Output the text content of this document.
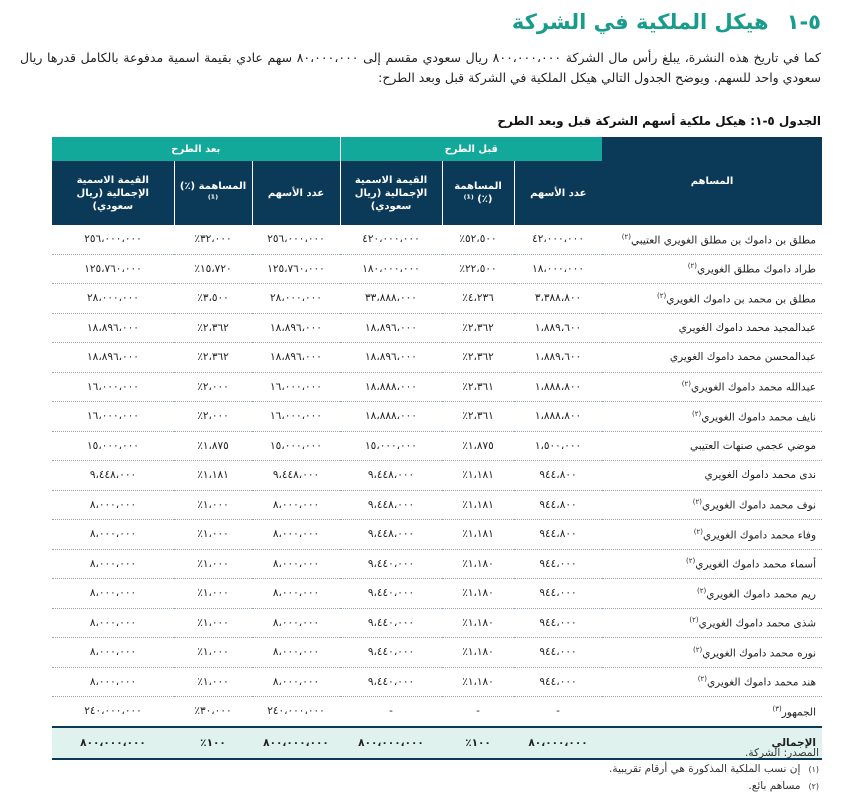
٥-١
هيكل الملكية في الشركة
كما في تاريخ هذه النشرة، يبلغ رأس مال الشركة ٨٠٠،٠٠٠،٠٠٠ ريال سعودي مقسم إلى ٨٠،٠٠٠،٠٠٠ سهم عادي بقيمة اسمية مدفوعة بالكامل قدرها ريال سعودي واحد للسهم. ويوضح الجدول التالي هيكل الملكية في الشركة قبل وبعد الطرح:
الجدول ٥-١: هيكل ملكية أسهم الشركة قبل وبعد الطرح
المساهم	قبل الطرح			بعد الطرح		
	عدد الأسهم	المساهمة (٪) ⁽¹⁾	القيمة الاسمية الإجمالية (ريال سعودي)	عدد الأسهم	المساهمة (٪) ⁽¹⁾	القيمة الاسمية الإجمالية (ريال سعودي)
مطلق بن داموك بن مطلق الغويري العتيبي$^{(٢)}$	٤٢،٠٠٠،٠٠٠	٥٢،٥٠٠٪	٤٢٠،٠٠٠،٠٠٠	٢٥٦،٠٠٠،٠٠٠	٣٢،٠٠٠٪	٢٥٦،٠٠٠،٠٠٠
طراد داموك مطلق الغويري$^{(٢)}$	١٨،٠٠٠،٠٠٠	٢٢،٥٠٠٪	١٨٠،٠٠٠،٠٠٠	١٢٥،٧٦٠،٠٠٠	١٥،٧٢٠٪	١٢٥،٧٦٠،٠٠٠
مطلق بن محمد بن داموك الغويري$^{(٢)}$	٣،٣٨٨،٨٠٠	٤،٢٣٦٪	٣٣،٨٨٨،٠٠٠	٢٨،٠٠٠،٠٠٠	٣،٥٠٠٪	٢٨،٠٠٠،٠٠٠
عبدالمجيد محمد داموك الغويري	١،٨٨٩،٦٠٠	٢،٣٦٢٪	١٨،٨٩٦،٠٠٠	١٨،٨٩٦،٠٠٠	٢،٣٦٢٪	١٨،٨٩٦،٠٠٠
عبدالمحسن محمد داموك الغويري	١،٨٨٩،٦٠٠	٢،٣٦٢٪	١٨،٨٩٦،٠٠٠	١٨،٨٩٦،٠٠٠	٢،٣٦٢٪	١٨،٨٩٦،٠٠٠
عبدالله محمد داموك الغويري$^{(٢)}$	١،٨٨٨،٨٠٠	٢،٣٦١٪	١٨،٨٨٨،٠٠٠	١٦،٠٠٠،٠٠٠	٢،٠٠٠٪	١٦،٠٠٠،٠٠٠
نايف محمد داموك الغويري$^{(٢)}$	١،٨٨٨،٨٠٠	٢،٣٦١٪	١٨،٨٨٨،٠٠٠	١٦،٠٠٠،٠٠٠	٢،٠٠٠٪	١٦،٠٠٠،٠٠٠
موضي عجمي صنهات العتيبي	١،٥٠٠،٠٠٠	١،٨٧٥٪	١٥،٠٠٠،٠٠٠	١٥،٠٠٠،٠٠٠	١،٨٧٥٪	١٥،٠٠٠،٠٠٠
ندى محمد داموك الغويري	٩٤٤،٨٠٠	١،١٨١٪	٩،٤٤٨،٠٠٠	٩،٤٤٨،٠٠٠	١،١٨١٪	٩،٤٤٨،٠٠٠
نوف محمد داموك الغويري$^{(٢)}$	٩٤٤،٨٠٠	١،١٨١٪	٩،٤٤٨،٠٠٠	٨،٠٠٠،٠٠٠	١،٠٠٠٪	٨،٠٠٠،٠٠٠
وفاء محمد داموك الغويري$^{(٢)}$	٩٤٤،٨٠٠	١،١٨١٪	٩،٤٤٨،٠٠٠	٨،٠٠٠،٠٠٠	١،٠٠٠٪	٨،٠٠٠،٠٠٠
أسماء محمد داموك الغويري$^{(٢)}$	٩٤٤،٠٠٠	١،١٨٠٪	٩،٤٤٠،٠٠٠	٨،٠٠٠،٠٠٠	١،٠٠٠٪	٨،٠٠٠،٠٠٠
ريم محمد داموك الغويري$^{(٢)}$	٩٤٤،٠٠٠	١،١٨٠٪	٩،٤٤٠،٠٠٠	٨،٠٠٠،٠٠٠	١،٠٠٠٪	٨،٠٠٠،٠٠٠
شذى محمد داموك الغويري$^{(٢)}$	٩٤٤،٠٠٠	١،١٨٠٪	٩،٤٤٠،٠٠٠	٨،٠٠٠،٠٠٠	١،٠٠٠٪	٨،٠٠٠،٠٠٠
نوره محمد داموك الغويري$^{(٢)}$	٩٤٤،٠٠٠	١،١٨٠٪	٩،٤٤٠،٠٠٠	٨،٠٠٠،٠٠٠	١،٠٠٠٪	٨،٠٠٠،٠٠٠
هند محمد داموك الغويري$^{(٢)}$	٩٤٤،٠٠٠	١،١٨٠٪	٩،٤٤٠،٠٠٠	٨،٠٠٠،٠٠٠	١،٠٠٠٪	٨،٠٠٠،٠٠٠
الجمهور$^{(٣)}$	-	-	-	٢٤٠،٠٠٠،٠٠٠	٣٠،٠٠٠٪	٢٤٠،٠٠٠،٠٠٠
الإجمالي	٨٠،٠٠٠،٠٠٠	١٠٠٪	٨٠٠،٠٠٠،٠٠٠	٨٠٠،٠٠٠،٠٠٠	١٠٠٪	٨٠٠،٠٠٠،٠٠٠
المصدر: الشركة.
(١)
إن نسب الملكية المذكورة هي أرقام تقريبية.
(٢)
مساهم بائع.
